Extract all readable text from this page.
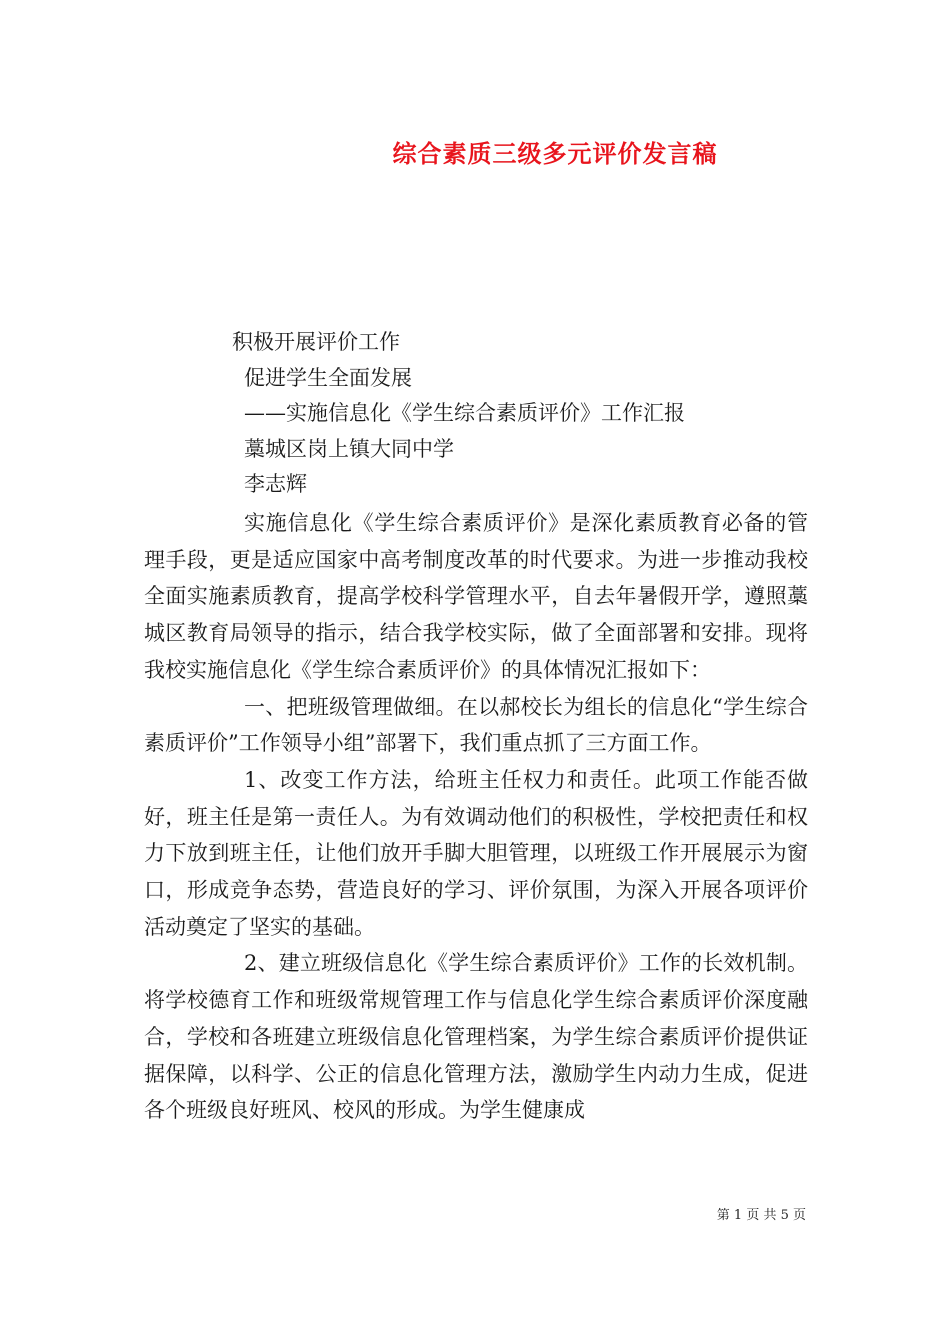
综合素质三级多元评价发言稿
积极开展评价工作
促进学生全面发展
——实施信息化《学生综合素质评价》工作汇报
藁城区岗上镇大同中学
李志辉

实施信息化《学生综合素质评价》是深化素质教育必备的管理手段，更是适应国家中高考制度改革的时代要求。为进一步推动我校全面实施素质教育，提高学校科学管理水平，自去年暑假开学，遵照藁城区教育局领导的指示，结合我学校实际，做了全面部署和安排。现将我校实施信息化《学生综合素质评价》的具体情况汇报如下：

一、把班级管理做细。在以郝校长为组长的信息化“学生综合素质评价”工作领导小组”部署下，我们重点抓了三方面工作。

1、改变工作方法，给班主任权力和责任。此项工作能否做好，班主任是第一责任人。为有效调动他们的积极性，学校把责任和权力下放到班主任，让他们放开手脚大胆管理，以班级工作开展展示为窗口，形成竞争态势，营造良好的学习、评价氛围，为深入开展各项评价活动奠定了坚实的基础。

2、建立班级信息化《学生综合素质评价》工作的长效机制。将学校德育工作和班级常规管理工作与信息化学生综合素质评价深度融合，学校和各班建立班级信息化管理档案，为学生综合素质评价提供证据保障，以科学、公正的信息化管理方法，激励学生内动力生成，促进各个班级良好班风、校风的形成。为学生健康成

第 1 页 共 5 页
